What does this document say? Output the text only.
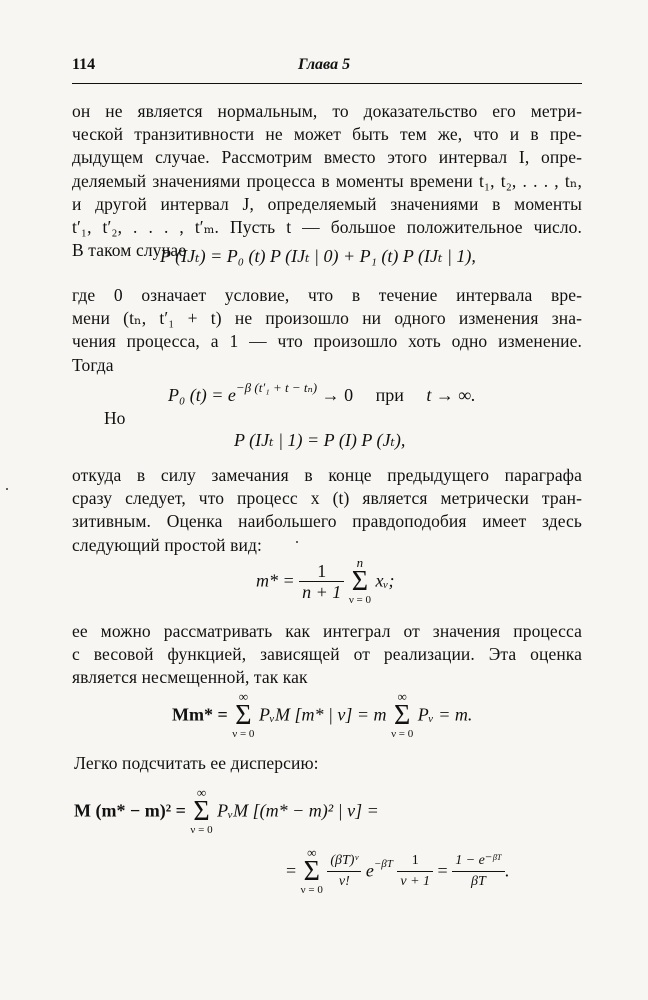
114	Глава 5
он не является нормальным, то доказательство его метри-
ческой транзитивности не может быть тем же, что и в пре-
дыдущем случае. Рассмотрим вместо этого интервал I, опре-
деляемый значениями процесса в моменты времени t₁, t₂, . . . , tₙ,
и другой интервал J, определяемый значениями в моменты
t′₁, t′₂, . . . , t′ₘ. Пусть t — большое положительное число.
В таком случае
P (IJₜ) = P₀ (t) P (IJₜ | 0) + P₁ (t) P (IJₜ | 1),
где 0 означает условие, что в течение интервала вре-
мени (tₙ, t′₁ + t) не произошло ни одного изменения зна-
чения процесса, а 1 — что произошло хоть одно изменение.
Тогда
P₀ $(t) = e^{-\beta (t'_1 + t - t_n)} \to 0$ при t → ∞.
Но
P (IJₜ | 1) = P (I) P (Jₜ),
откуда в силу замечания в конце предыдущего параграфа
сразу следует, что процесс x (t) является метрически тран-
зитивным. Оценка наибольшего правдоподобия имеет здесь
следующий простой вид:
$m* = \frac{1}{n + 1}$
n
Σ
ν = 0
xᵥ;
ее можно рассматривать как интеграл от значения процесса
с весовой функцией, зависящей от реализации. Эта оценка
является несмещенной, так как
Mm* =
∞
Σ
ν = 0
PᵥM [m* | ν] = m
∞
Σ
ν = 0
Pᵥ = m.
Легко подсчитать ее дисперсию:
M (m* − m)² =
∞
Σ
ν = 0
PᵥM [(m* − m)² | ν] =
=
∞
Σ
ν = 0
$\frac{\text{(βT)ᵛ}}{\nu!} e^{-\beta T} \frac{1}{\nu + 1} = \frac{\text{1 − e⁻ᵝᵀ}}{\beta T}$ .
